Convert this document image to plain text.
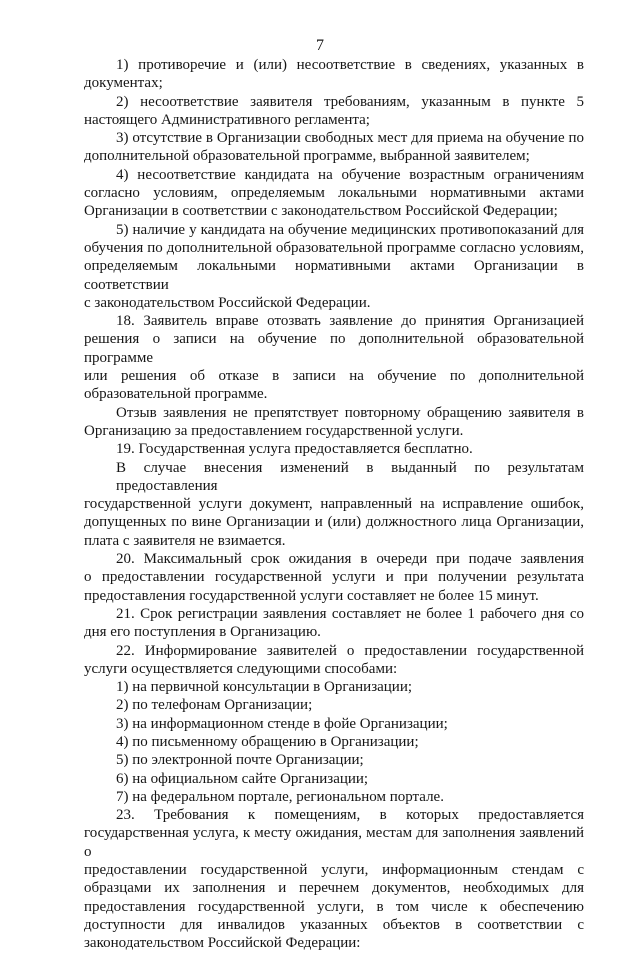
7
1) противоречие и (или) несоответствие в сведениях, указанных в
документах;
2) несоответствие заявителя требованиям, указанным в пункте 5
настоящего Административного регламента;
3) отсутствие в Организации свободных мест для приема на обучение по
дополнительной образовательной программе, выбранной заявителем;
4) несоответствие кандидата на обучение возрастным ограничениям
согласно условиям, определяемым локальными нормативными актами
Организации в соответствии с законодательством Российской Федерации;
5) наличие у кандидата на обучение медицинских противопоказаний для
обучения по дополнительной образовательной программе согласно условиям,
определяемым локальными нормативными актами Организации в соответствии
с законодательством Российской Федерации.
18. Заявитель вправе отозвать заявление до принятия Организацией
решения о записи на обучение по дополнительной образовательной программе
или решения об отказе в записи на обучение по дополнительной
образовательной программе.
Отзыв заявления не препятствует повторному обращению заявителя в
Организацию за предоставлением государственной услуги.
19. Государственная услуга предоставляется бесплатно.
В случае внесения изменений в выданный по результатам предоставления
государственной услуги документ, направленный на исправление ошибок,
допущенных по вине Организации и (или) должностного лица Организации,
плата с заявителя не взимается.
20. Максимальный срок ожидания в очереди при подаче заявления
о предоставлении государственной услуги и при получении результата
предоставления государственной услуги составляет не более 15 минут.
21. Срок регистрации заявления составляет не более 1 рабочего дня со
дня его поступления в Организацию.
22. Информирование заявителей о предоставлении государственной
услуги осуществляется следующими способами:
1) на первичной консультации в Организации;
2) по телефонам Организации;
3) на информационном стенде в фойе Организации;
4) по письменному обращению в Организации;
5) по электронной почте Организации;
6) на официальном сайте Организации;
7) на федеральном портале, региональном портале.
23. Требования к помещениям, в которых предоставляется
государственная услуга, к месту ожидания, местам для заполнения заявлений о
предоставлении государственной услуги, информационным стендам с
образцами их заполнения и перечнем документов, необходимых для
предоставления государственной услуги, в том числе к обеспечению
доступности для инвалидов указанных объектов в соответствии с
законодательством Российской Федерации:
